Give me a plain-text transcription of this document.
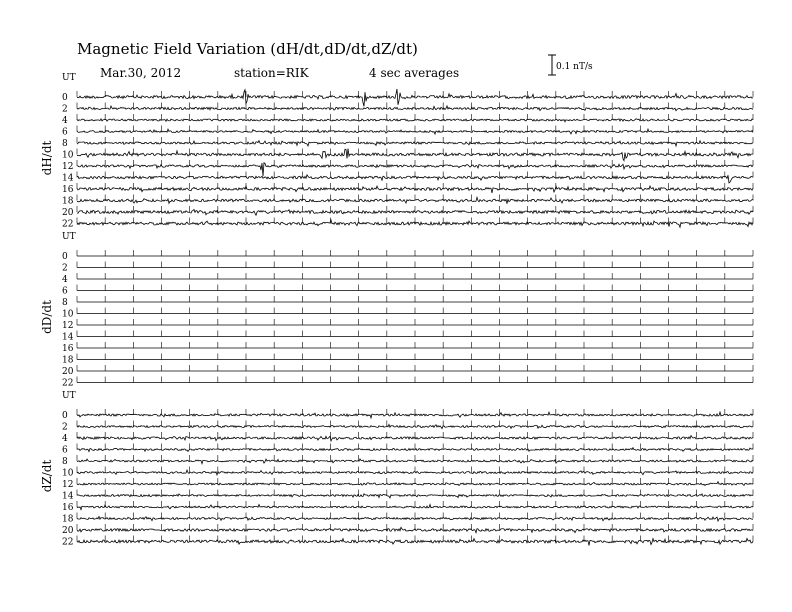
Magnetic Field Variation (dH/dt,dD/dt,dZ/dt)
Mar.30, 2012	station=RIK	4 sec averages	0.1 nT/s
UT
dH/dt
0
2
4
6
8
10
12
14
16
18
20
22
UT
dD/dt
0
2
4
6
8
10
12
14
16
18
20
22
UT
dZ/dt
0
2
4
6
8
10
12
14
16
18
20
22
